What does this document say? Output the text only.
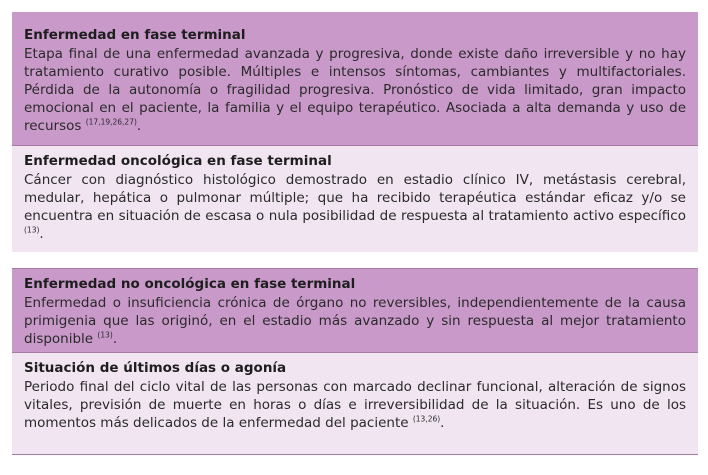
Enfermedad en fase terminal

Etapa final de una enfermedad avanzada y progresiva, donde existe daño irreversible y no hay tratamiento curativo posible. Múltiples e intensos síntomas, cambiantes y multifactoriales. Pérdida de la autonomía o fragilidad progresiva. Pronóstico de vida limitado, gran impacto emocional en el paciente, la familia y el equipo terapéutico. Asociada a alta demanda y uso de recursos $^{(17,19,26,27)}$.

Enfermedad oncológica en fase terminal

Cáncer con diagnóstico histológico demostrado en estadio clínico IV, metástasis cerebral, medular, hepática o pulmonar múltiple; que ha recibido terapéutica estándar eficaz y/o se encuentra en situación de escasa o nula posibilidad de respuesta al tratamiento activo específico $^{(13)}$.

Enfermedad no oncológica en fase terminal

Enfermedad o insuficiencia crónica de órgano no reversibles, independientemente de la causa primigenia que las originó, en el estadio más avanzado y sin respuesta al mejor tratamiento disponible $^{(13)}$.

Situación de últimos días o agonía

Periodo final del ciclo vital de las personas con marcado declinar funcional, alteración de signos vitales, previsión de muerte en horas o días e irreversibilidad de la situación. Es uno de los momentos más delicados de la enfermedad del paciente $^{(13,26)}$.
